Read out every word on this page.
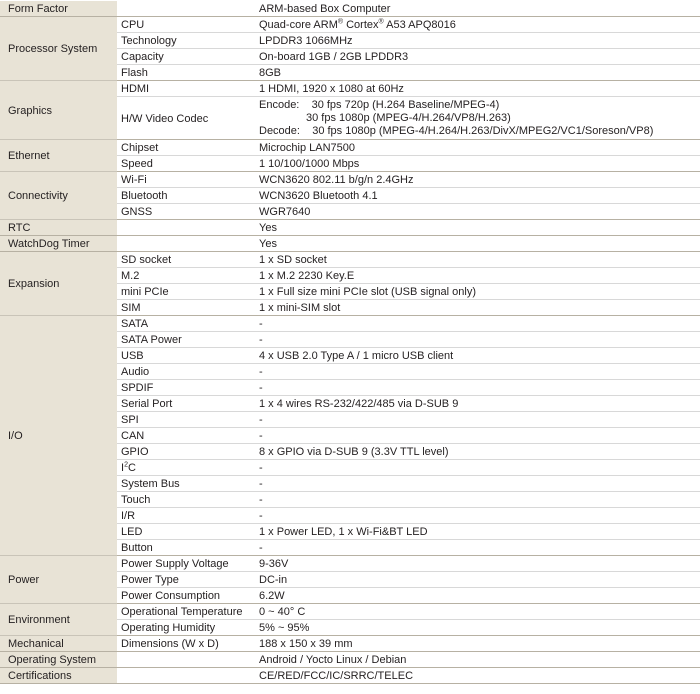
Form Factor		ARM-based Box Computer
Processor System	CPU	Quad-core ARM® Cortex® A53 APQ8016
	Technology	LPDDR3 1066MHz
	Capacity	On-board 1GB / 2GB LPDDR3
	Flash	8GB
Graphics	HDMI	1 HDMI, 1920 x 1080 at 60Hz
	H/W Video Codec	Encode:    30 fps 720p (H.264 Baseline/MPEG-4)
30 fps 1080p (MPEG-4/H.264/VP8/H.263)
Decode:    30 fps 1080p (MPEG-4/H.264/H.263/DivX/MPEG2/VC1/Soreson/VP8)

Ethernet	Chipset	Microchip LAN7500
	Speed	1 10/100/1000 Mbps
Connectivity	Wi-Fi	WCN3620 802.11 b/g/n 2.4GHz
	Bluetooth	WCN3620 Bluetooth 4.1
	GNSS	WGR7640
RTC		Yes
WatchDog Timer		Yes
Expansion	SD socket	1 x SD socket
	M.2	1 x M.2 2230 Key.E
	mini PCIe	1 x Full size mini PCIe slot (USB signal only)
	SIM	1 x mini-SIM slot
I/O	SATA	-
	SATA Power	-
	USB	4 x USB 2.0 Type A / 1 micro USB client
	Audio	-
	SPDIF	-
	Serial Port	1 x 4 wires RS-232/422/485 via D-SUB 9
	SPI	-
	CAN	-
	GPIO	8 x GPIO via D-SUB 9 (3.3V TTL level)
	$I^2C$	-
	System Bus	-
	Touch	-
	I/R	-
	LED	1 x Power LED, 1 x Wi-Fi&BT LED
	Button	-
Power	Power Supply Voltage	9-36V
	Power Type	DC-in
	Power Consumption	6.2W
Environment	Operational Temperature	0 ~ 40° C
	Operating Humidity	5% ~ 95%
Mechanical	Dimensions (W x D)	188 x 150 x 39 mm
Operating System		Android / Yocto Linux / Debian
Certifications		CE/RED/FCC/IC/SRRC/TELEC
